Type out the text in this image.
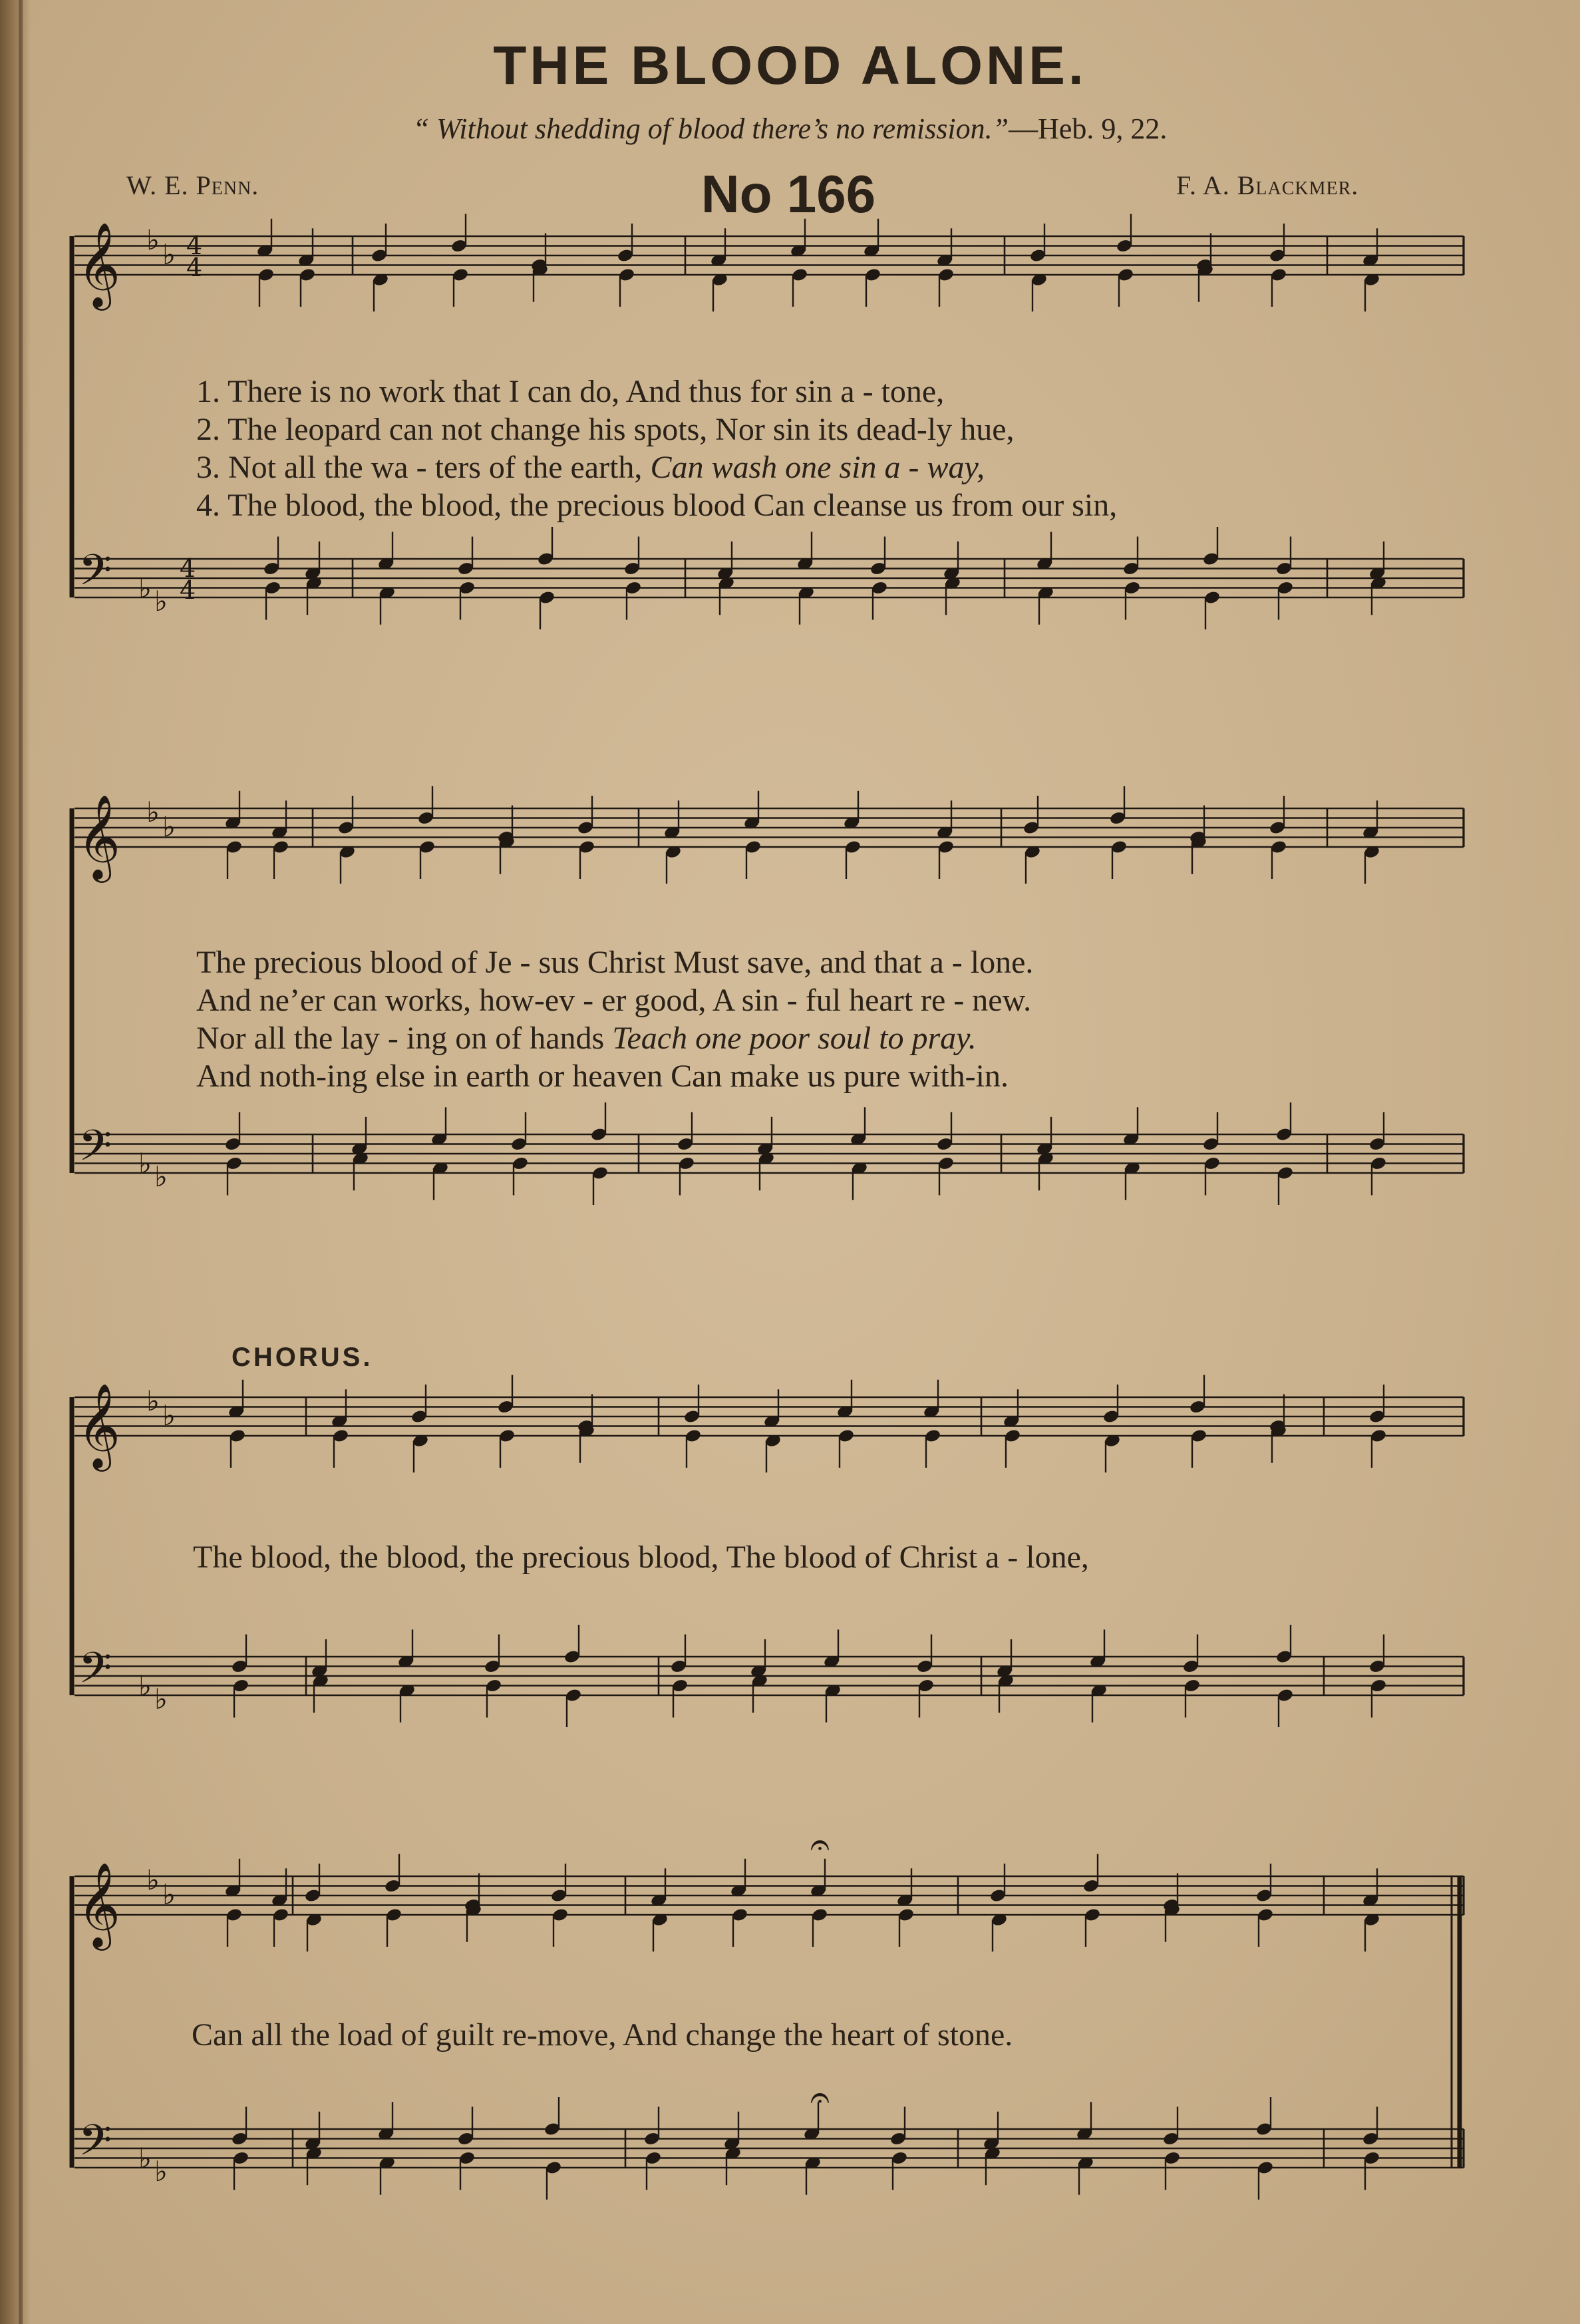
THE BLOOD ALONE.
“ Without shedding of blood there’s no remission.”—Heb. 9, 22.
W. E. Penn.	No 166	F. A. Blackmer.
CHORUS.
1. There is no work that I can do, And thus for sin a - tone,
2. The leopard can not change his spots, Nor sin its dead-ly hue,
3. Not all the wa - ters of the earth, Can wash one sin a - way,
4. The blood, the blood, the precious blood Can cleanse us from our sin,
The precious blood of Je - sus Christ Must save, and that a - lone.
And ne’er can works, how-ev - er good, A sin - ful heart re - new.
Nor all the lay - ing on of hands Teach one poor soul to pray.
And noth-ing else in earth or heaven Can make us pure with-in.
The blood, the blood, the precious blood, The blood of Christ a - lone,
Can all the load of guilt re-move, And change the heart of stone.
𝄞 ♭ ♭ 4
4
𝄢 ♭ ♭
4
4
𝄞 ♭ ♭
𝄢 ♭ ♭
𝄞 ♭ ♭
𝄢 ♭ ♭
𝄞 ♭ ♭
𝄢 ♭ ♭
𝄐
𝄐
